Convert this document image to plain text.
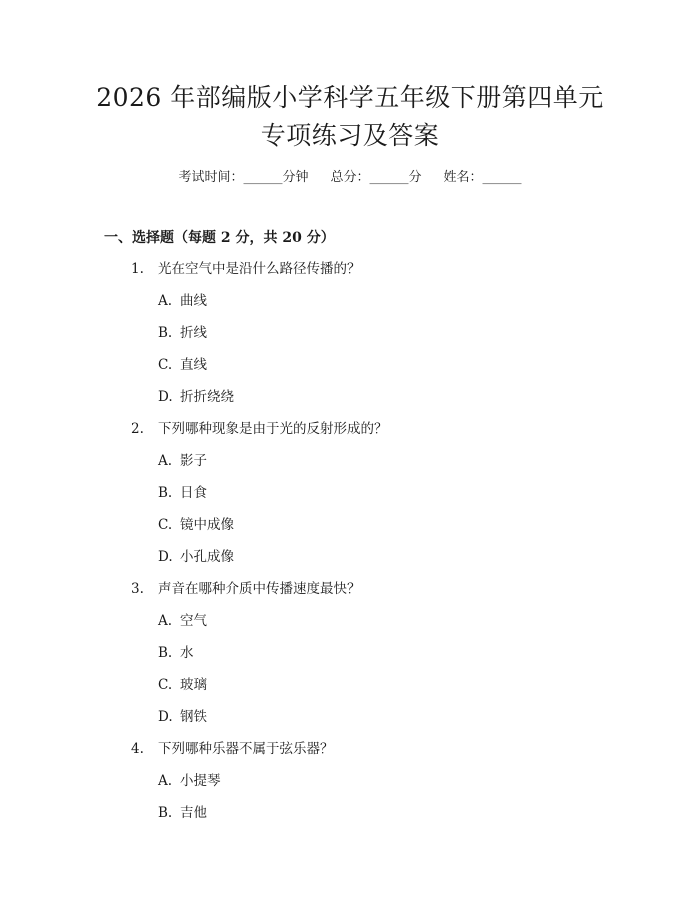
2026 年部编版小学科学五年级下册第四单元
专项练习及答案
考试时间：______分钟 总分：______分 姓名：______
一、选择题（每题 2 分，共 20 分）
1. 光在空气中是沿什么路径传播的？
A. 曲线
B. 折线
C. 直线
D. 折折绕绕
2. 下列哪种现象是由于光的反射形成的？
A. 影子
B. 日食
C. 镜中成像
D. 小孔成像
3. 声音在哪种介质中传播速度最快？
A. 空气
B. 水
C. 玻璃
D. 钢铁
4. 下列哪种乐器不属于弦乐器？
A. 小提琴
B. 吉他
